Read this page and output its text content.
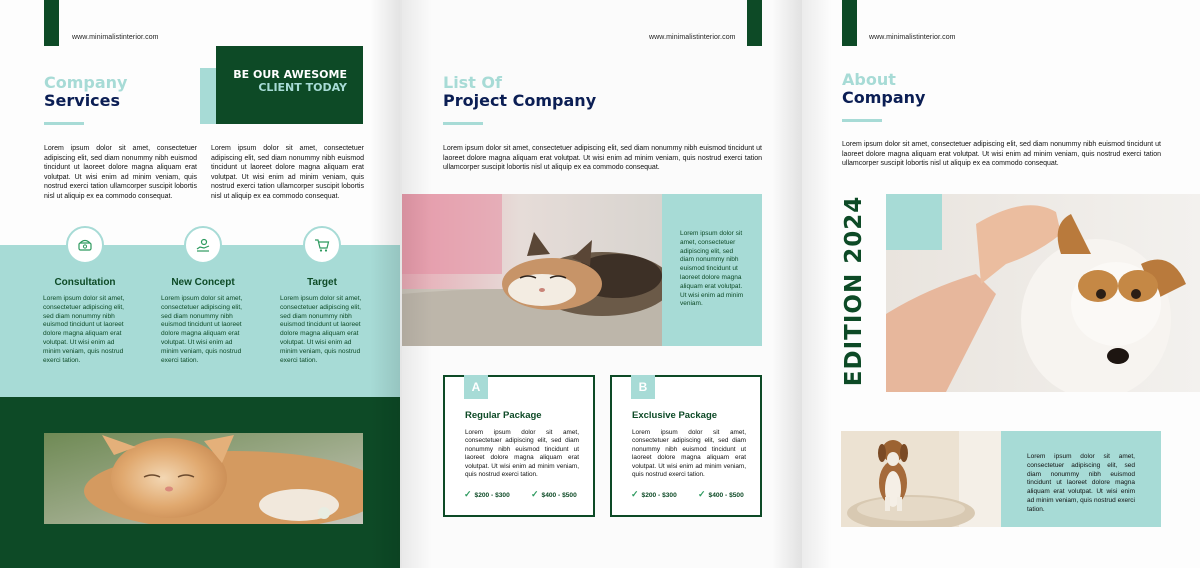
www.minimalistinterior.com
Company
Services
BE OUR AWESOME
CLIENT TODAY
Lorem ipsum dolor sit amet, consectetuer adipiscing elit, sed diam nonummy nibh euismod tincidunt ut laoreet dolore magna aliquam erat volutpat. Ut wisi enim ad minim veniam, quis nostrud exerci tation ullamcorper suscipit lobortis nisl ut aliquip ex ea commodo consequat.
Lorem ipsum dolor sit amet, consectetuer adipiscing elit, sed diam nonummy nibh euismod tincidunt ut laoreet dolore magna aliquam erat volutpat. Ut wisi enim ad minim veniam, quis nostrud exerci tation ullamcorper suscipit lobortis nisl ut aliquip ex ea commodo consequat.
Consultation
Lorem ipsum dolor sit amet, consectetuer adipiscing elit, sed diam nonummy nibh euismod tincidunt ut laoreet dolore magna aliquam erat volutpat. Ut wisi enim ad minim veniam, quis nostrud exerci tation.
New Concept
Lorem ipsum dolor sit amet, consectetuer adipiscing elit, sed diam nonummy nibh euismod tincidunt ut laoreet dolore magna aliquam erat volutpat. Ut wisi enim ad minim veniam, quis nostrud exerci tation.
Target
Lorem ipsum dolor sit amet, consectetuer adipiscing elit, sed diam nonummy nibh euismod tincidunt ut laoreet dolore magna aliquam erat volutpat. Ut wisi enim ad minim veniam, quis nostrud exerci tation.
www.minimalistinterior.com
List Of
Project Company
Lorem ipsum dolor sit amet, consectetuer adipiscing elit, sed diam nonummy nibh euismod tincidunt ut laoreet dolore magna aliquam erat volutpat. Ut wisi enim ad minim veniam, quis nostrud exerci tation ullamcorper suscipit lobortis nisl ut aliquip ex ea commodo consequat.
Lorem ipsum dolor sit amet, consectetuer adipiscing elit, sed diam nonummy nibh euismod tincidunt ut laoreet dolore magna aliquam erat volutpat. Ut wisi enim ad minim veniam.
A
Regular Package
Lorem ipsum dolor sit amet, consectetuer adipiscing elit, sed diam nonummy nibh euismod tincidunt ut laoreet dolore magna aliquam erat volutpat. Ut wisi enim ad minim veniam, quis nostrud exerci tation.
✓ $200 - $300 ✓ $400 - $500
B
Exclusive Package
Lorem ipsum dolor sit amet, consectetuer adipiscing elit, sed diam nonummy nibh euismod tincidunt ut laoreet dolore magna aliquam erat volutpat. Ut wisi enim ad minim veniam, quis nostrud exerci tation.
✓ $200 - $300 ✓ $400 - $500
www.minimalistinterior.com
About
Company
Lorem ipsum dolor sit amet, consectetuer adipiscing elit, sed diam nonummy nibh euismod tincidunt ut laoreet dolore magna aliquam erat volutpat. Ut wisi enim ad minim veniam, quis nostrud exerci tation ullamcorper suscipit lobortis nisl ut aliquip ex ea commodo consequat.
EDITION 2024
Lorem ipsum dolor sit amet, consectetuer adipiscing elit, sed diam nonummy nibh euismod tincidunt ut laoreet dolore magna aliquam erat volutpat. Ut wisi enim ad minim veniam, quis nostrud exerci tation.
